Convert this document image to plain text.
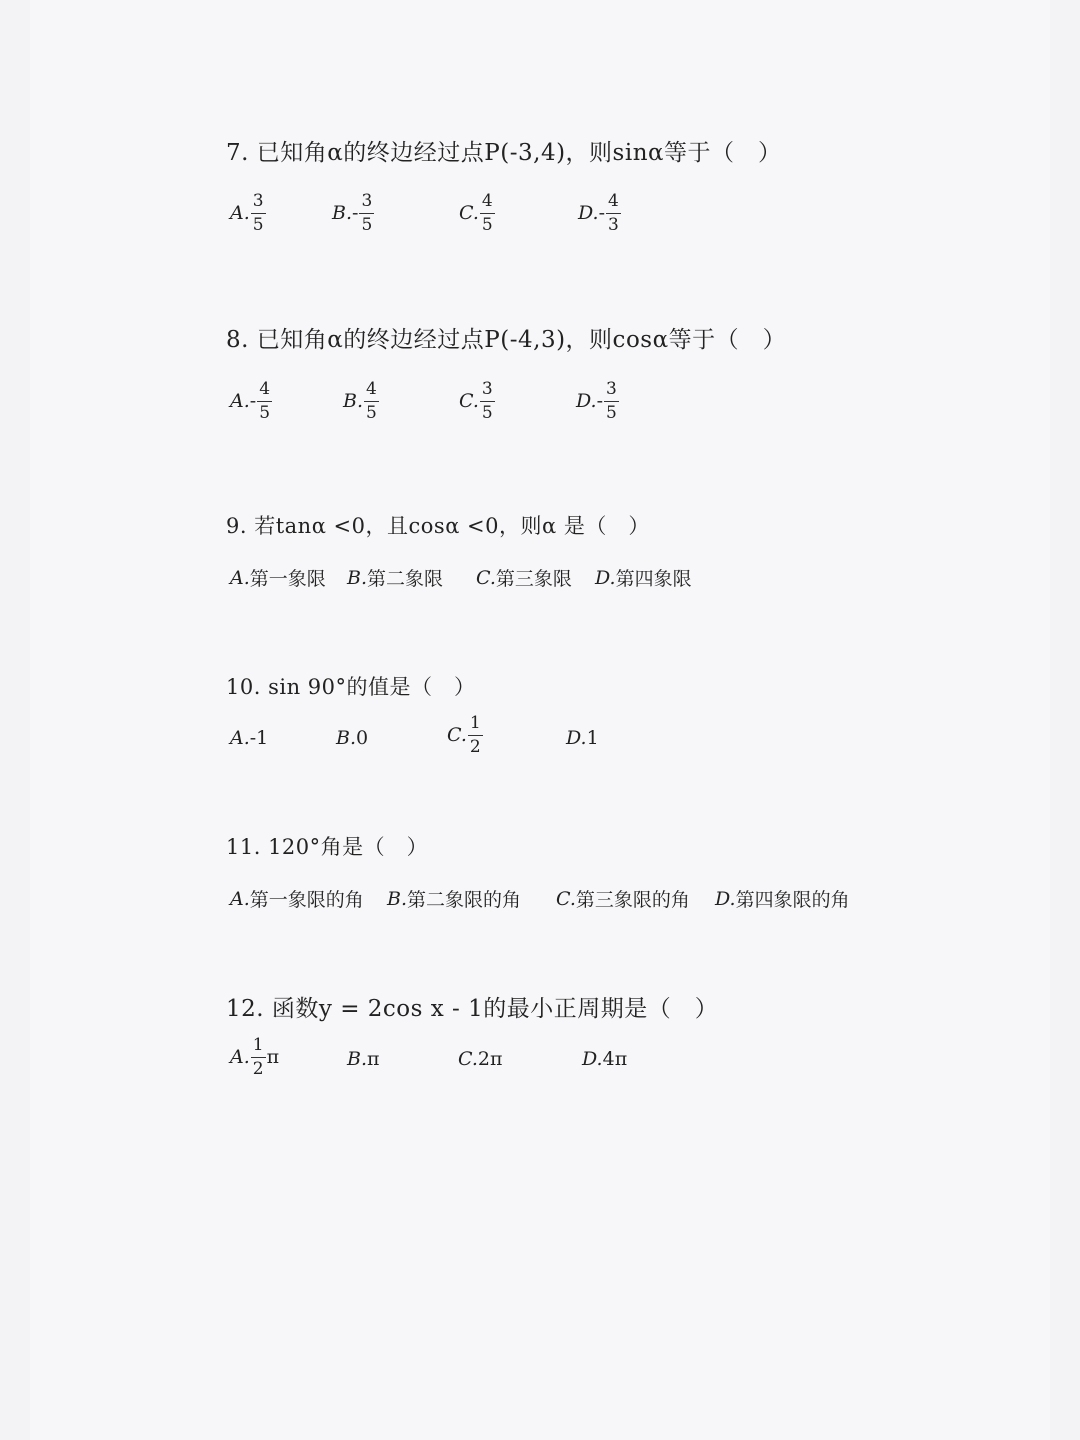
7. 已知角α的终边经过点P(-3,4)，则sinα等于（　）
A. $\frac{3}{5}$	B. - $\frac{3}{5}$	C. $\frac{4}{5}$	D. - $\frac{4}{3}$
8. 已知角α的终边经过点P(-4,3)，则cosα等于（　）
A. - $\frac{4}{5}$	B. $\frac{4}{5}$	C. $\frac{3}{5}$	D. - $\frac{3}{5}$
9. 若tanα <0，且cosα <0，则α 是（　）
A. 第一象限 B. 第二象限 C. 第三象限 D. 第四象限
10. sin 90°的值是（　）
A. -1	B. 0	C. $\frac{1}{2}$	D. 1
11. 120°角是（　）
A. 第一象限的角 B. 第二象限的角 C. 第三象限的角 D. 第四象限的角
12. 函数y = 2cos x - 1的最小正周期是（　）
A. $\frac{1}{2}$ π	B. π	C. 2π	D. 4π
